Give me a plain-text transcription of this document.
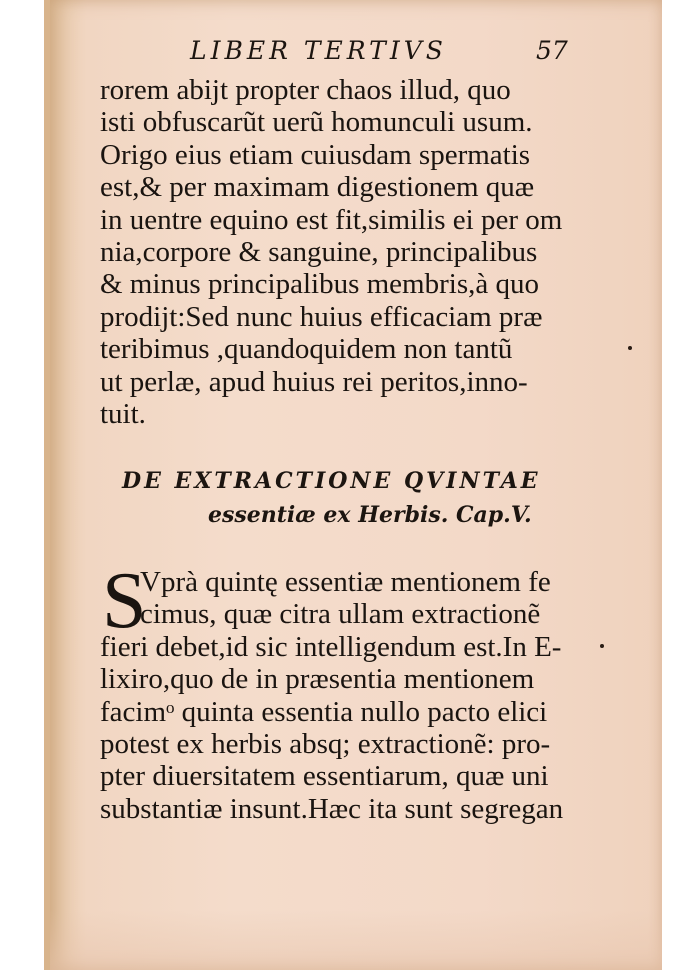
LIBER TERTIVS	57
rorem abijt propter chaos illud, quo
isti obfuscarũt uerũ homunculi usum.
Origo eius etiam cuiusdam spermatis
est,& per maximam digestionem quæ
in uentre equino est fit,similis ei per om
nia,corpore & sanguine, principalibus
& minus principalibus membris,à quo
prodijt:Sed nunc huius efficaciam præ
teribimus ,quandoquidem non tantũ
ut perlæ, apud huius rei peritos,inno-
tuit.
DE EXTRACTIONE QVINTAE
essentiæ ex Herbis. Cap.V.
S
Vprà quintę essentiæ mentionem fe
cimus, quæ citra ullam extractionẽ
fieri debet,id sic intelligendum est.In E-
lixiro,quo de in præsentia mentionem
facimᵒ quinta essentia nullo pacto elici
potest ex herbis absq; extractionẽ: pro-
pter diuersitatem essentiarum, quæ uni
substantiæ insunt.Hæc ita sunt segregan
